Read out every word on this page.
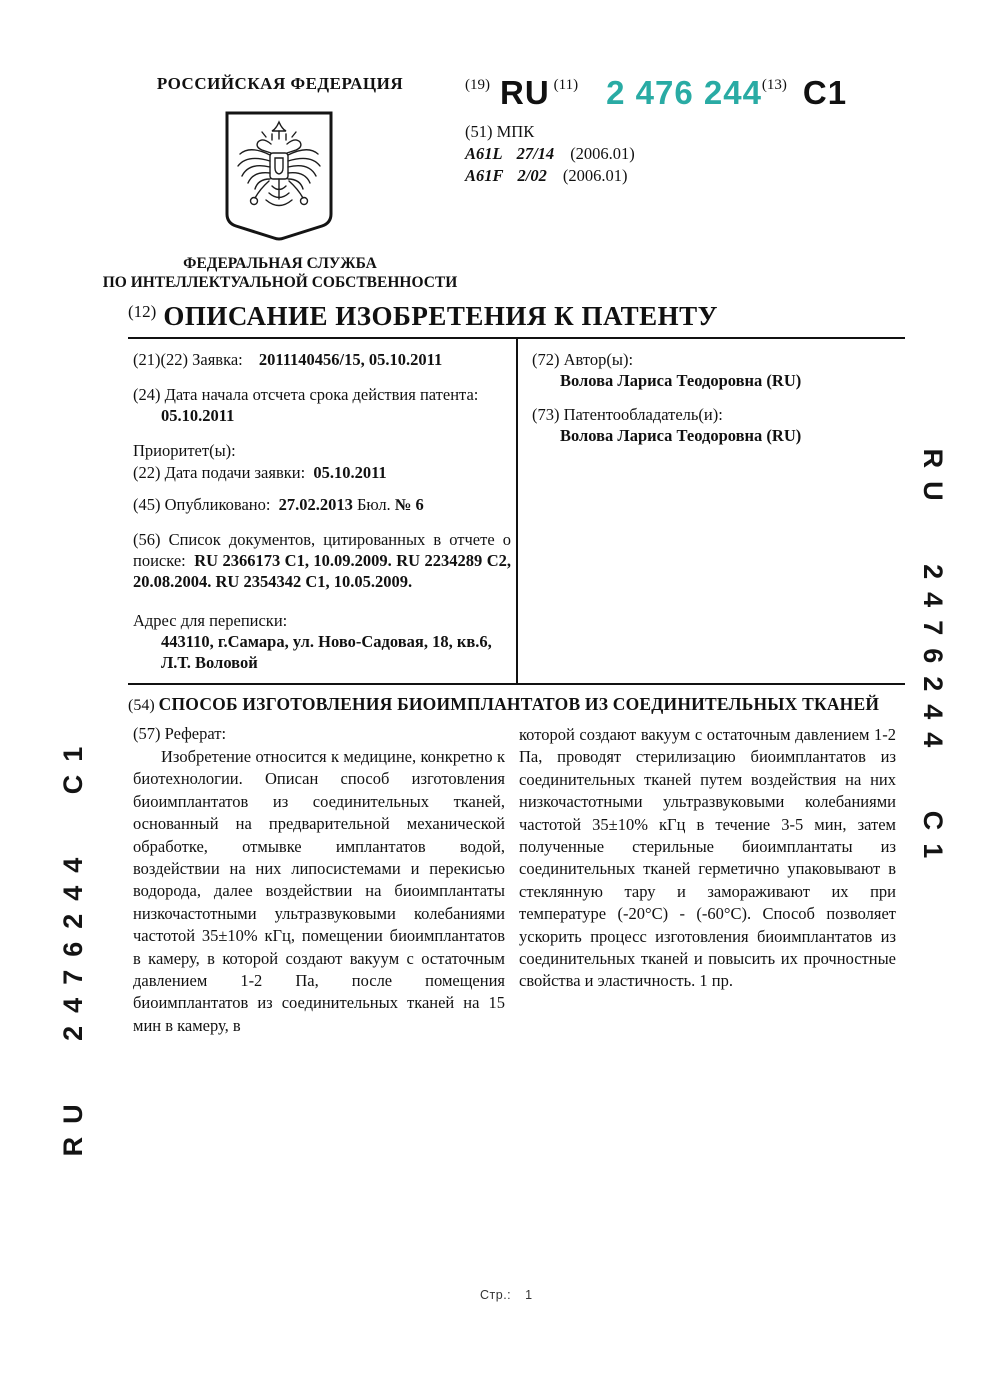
RU 2476244 C1
RU 2476244 C1
РОССИЙСКАЯ ФЕДЕРАЦИЯ
ФЕДЕРАЛЬНАЯ СЛУЖБА
ПО ИНТЕЛЛЕКТУАЛЬНОЙ СОБСТВЕННОСТИ
(19) RU (11) 2 476 244 (13) C1
(51) МПК
A61L 27/14 (2006.01)
A61F 2/02 (2006.01)
(12) ОПИСАНИЕ ИЗОБРЕТЕНИЯ К ПАТЕНТУ
(21)(22) Заявка: 2011140456/15, 05.10.2011
(24) Дата начала отсчета срока действия патента:
05.10.2011
Приоритет(ы):
(22) Дата подачи заявки: 05.10.2011
(45) Опубликовано: 27.02.2013 Бюл. № 6
(56) Список документов, цитированных в отчете о поиске: RU 2366173 C1, 10.09.2009. RU 2234289 C2, 20.08.2004. RU 2354342 C1, 10.05.2009.
Адрес для переписки:
443110, г.Самара, ул. Ново-Садовая, 18, кв.6,
Л.Т. Воловой
(72) Автор(ы):
Волова Лариса Теодоровна (RU)
(73) Патентообладатель(и):
Волова Лариса Теодоровна (RU)
(54) СПОСОБ ИЗГОТОВЛЕНИЯ БИОИМПЛАНТАТОВ ИЗ СОЕДИНИТЕЛЬНЫХ ТКАНЕЙ
(57) Реферат:
Изобретение относится к медицине, конкретно к биотехнологии. Описан способ изготовления биоимплантатов из соединительных тканей, основанный на предварительной механической обработке, отмывке имплантатов водой, воздействии на них липосистемами и перекисью водорода, далее воздействии на биоимплантаты низкочастотными ультразвуковыми колебаниями частотой 35±10% кГц, помещении биоимплантатов в камеру, в которой создают вакуум с остаточным давлением 1-2 Па, после помещения биоимплантатов из соединительных тканей на 15 мин в камеру, в
которой создают вакуум с остаточным давлением 1-2 Па, проводят стерилизацию биоимплантатов из соединительных тканей путем воздействия на них низкочастотными ультразвуковыми колебаниями частотой 35±10% кГц в течение 3-5 мин, затем полученные стерильные биоимплантаты из соединительных тканей герметично упаковывают в стеклянную тару и замораживают их при температуре (-20°C) - (-60°C). Способ позволяет ускорить процесс изготовления биоимплантатов из соединительных тканей и повысить их прочностные свойства и эластичность. 1 пр.
Стр.: 1
